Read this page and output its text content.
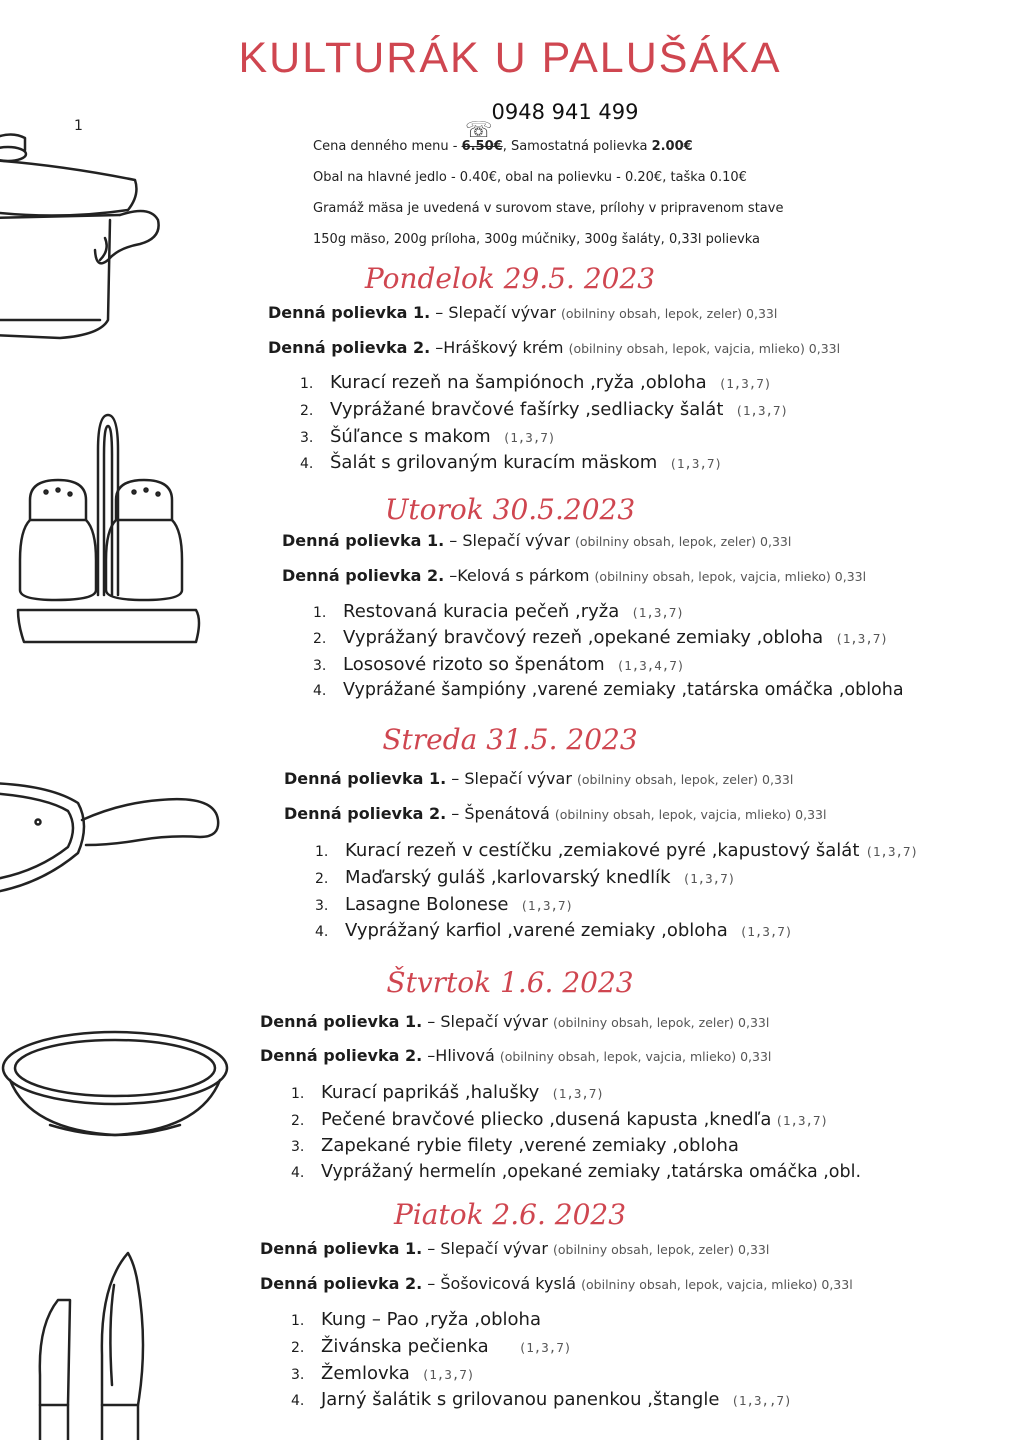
KULTURÁK U PALUŠÁKA
1	☏
0948 941 499
Cena denného menu - 6.50€, Samostatná polievka 2.00€
Obal na hlavné jedlo - 0.40€, obal na polievku - 0.20€, taška 0.10€
Gramáž mäsa je uvedená v surovom stave, prílohy v pripravenom stave
150g mäso, 200g príloha, 300g múčniky, 300g šaláty, 0,33l polievka
Pondelok 29.5. 2023
Denná polievka 1. – Slepačí vývar (obilniny obsah, lepok, zeler) 0,33l
Denná polievka 2. –Hráškový krém (obilniny obsah, lepok, vajcia, mlieko) 0,33l
1. Kurací rezeň na šampiónoch ,ryža ,obloha (1,3,7)
2. Vyprážané bravčové fašírky ,sedliacky šalát (1,3,7)
3. Šúľance s makom (1,3,7)
4. Šalát s grilovaným kuracím mäskom (1,3,7)
Utorok 30.5.2023
Denná polievka 1. – Slepačí vývar (obilniny obsah, lepok, zeler) 0,33l
Denná polievka 2. –Kelová s párkom (obilniny obsah, lepok, vajcia, mlieko) 0,33l
1. Restovaná kuracia pečeň ,ryža (1,3,7)
2. Vyprážaný bravčový rezeň ,opekané zemiaky ,obloha (1,3,7)
3. Lososové rizoto so špenátom (1,3,4,7)
4. Vyprážané šampióny ,varené zemiaky ,tatárska omáčka ,obloha
Streda 31.5. 2023
Denná polievka 1. – Slepačí vývar (obilniny obsah, lepok, zeler) 0,33l
Denná polievka 2. – Špenátová (obilniny obsah, lepok, vajcia, mlieko) 0,33l
1. Kurací rezeň v cestíčku ,zemiakové pyré ,kapustový šalát (1,3,7)
2. Maďarský guláš ,karlovarský knedlík (1,3,7)
3. Lasagne Bolonese (1,3,7)
4. Vyprážaný karfiol ,varené zemiaky ,obloha (1,3,7)
Štvrtok 1.6. 2023
Denná polievka 1. – Slepačí vývar (obilniny obsah, lepok, zeler) 0,33l
Denná polievka 2. –Hlivová (obilniny obsah, lepok, vajcia, mlieko) 0,33l
1. Kurací paprikáš ,halušky (1,3,7)
2. Pečené bravčové pliecko ,dusená kapusta ,knedľa (1,3,7)
3. Zapekané rybie filety ,verené zemiaky ,obloha
4. Vyprážaný hermelín ,opekané zemiaky ,tatárska omáčka ,obl.
Piatok 2.6. 2023
Denná polievka 1. – Slepačí vývar (obilniny obsah, lepok, zeler) 0,33l
Denná polievka 2. – Šošovicová kyslá (obilniny obsah, lepok, vajcia, mlieko) 0,33l
1. Kung – Pao ,ryža ,obloha
2. Živánska pečienka (1,3,7)
3. Žemlovka (1,3,7)
4. Jarný šalátik s grilovanou panenkou ,štangle (1,3,,7)
